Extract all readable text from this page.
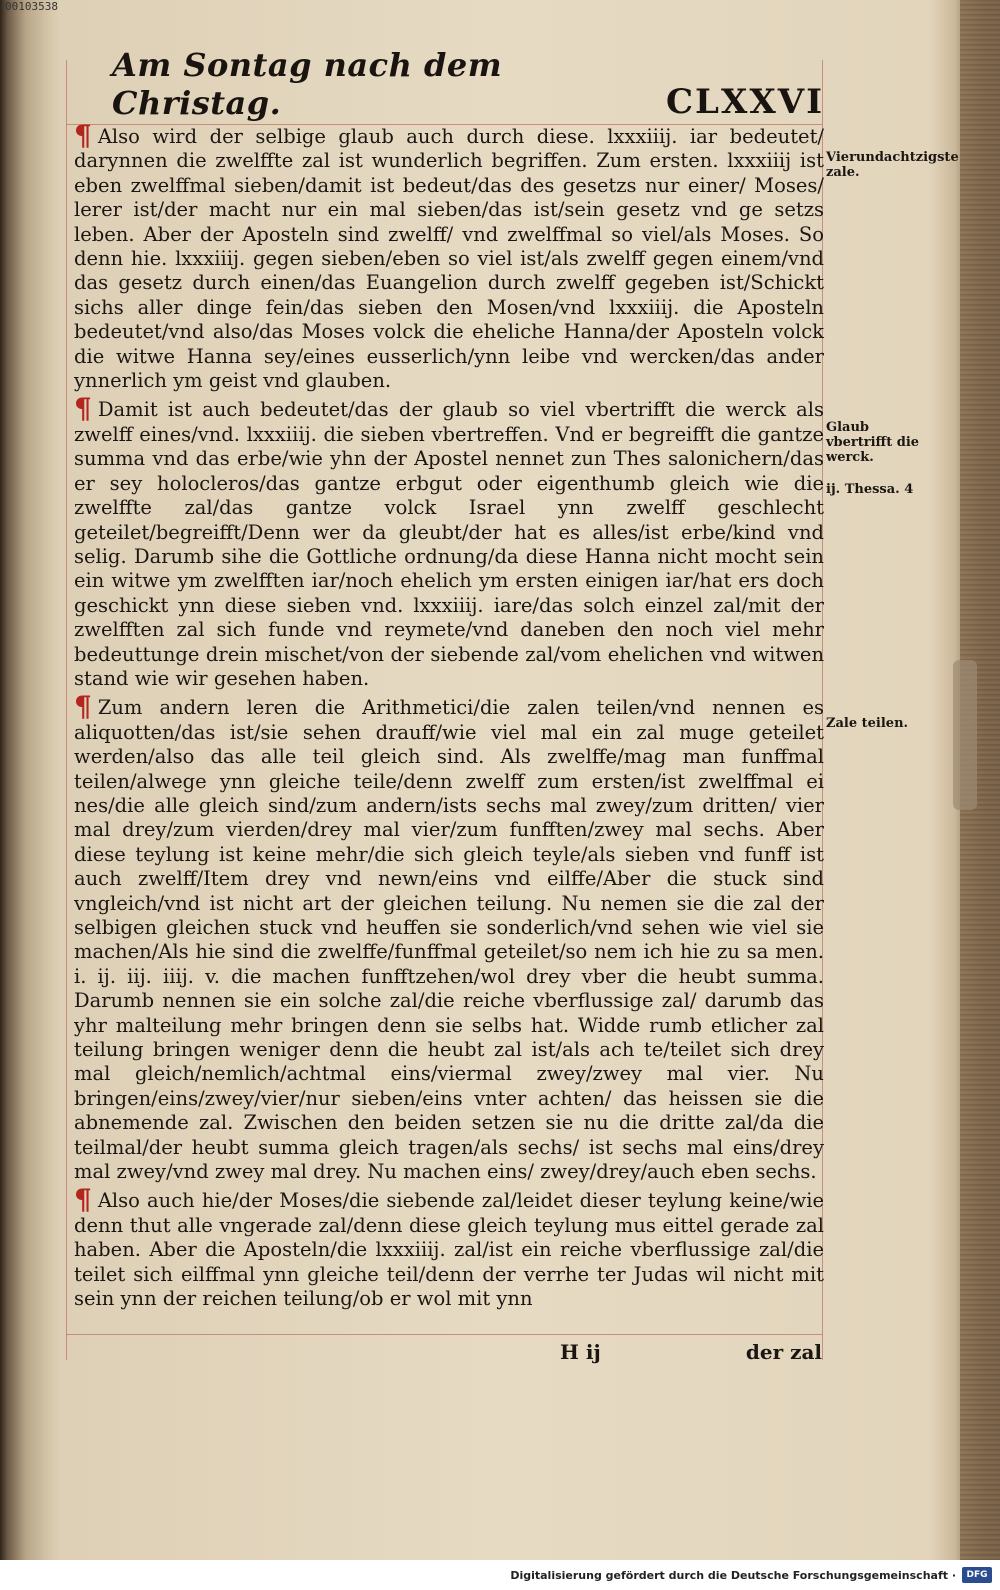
00103538
Am Sontag nach dem Christag.	CLXXVI

¶ Also wird der selbige glaub auch durch diese. lxxxiiij. iar bedeutet/ darynnen die zwelffte zal ist wunderlich begriffen. Zum ersten. lxxxiiij ist eben zwelffmal sieben/damit ist bedeut/das des gesetzs nur einer/ Moses/ lerer ist/der macht nur ein mal sieben/das ist/sein gesetz vnd ge setzs leben. Aber der Aposteln sind zwelff/ vnd zwelffmal so viel/als Moses. So denn hie. lxxxiiij. gegen sieben/eben so viel ist/als zwelff gegen einem/vnd das gesetz durch einen/das Euangelion durch zwelff gegeben ist/Schickt sichs aller dinge fein/das sieben den Mosen/vnd lxxxiiij. die Aposteln bedeutet/vnd also/das Moses volck die eheliche Hanna/der Aposteln volck die witwe Hanna sey/eines eusserlich/ynn leibe vnd wercken/das ander ynnerlich ym geist vnd glauben.

¶ Damit ist auch bedeutet/das der glaub so viel vbertrifft die werck als zwelff eines/vnd. lxxxiiij. die sieben vbertreffen. Vnd er begreifft die gantze summa vnd das erbe/wie yhn der Apostel nennet zun Thes salonichern/das er sey holocleros/das gantze erbgut oder eigenthumb gleich wie die zwelffte zal/das gantze volck Israel ynn zwelff geschlecht geteilet/begreifft/Denn wer da gleubt/der hat es alles/ist erbe/kind vnd selig. Darumb sihe die Gottliche ordnung/da diese Hanna nicht mocht sein ein witwe ym zwelfften iar/noch ehelich ym ersten einigen iar/hat ers doch geschickt ynn diese sieben vnd. lxxxiiij. iare/das solch einzel zal/mit der zwelfften zal sich funde vnd reymete/vnd daneben den noch viel mehr bedeuttunge drein mischet/von der siebende zal/vom ehelichen vnd witwen stand wie wir gesehen haben.

¶ Zum andern leren die Arithmetici/die zalen teilen/vnd nennen es aliquotten/das ist/sie sehen drauff/wie viel mal ein zal muge geteilet werden/also das alle teil gleich sind. Als zwelffe/mag man funffmal teilen/alwege ynn gleiche teile/denn zwelff zum ersten/ist zwelffmal ei nes/die alle gleich sind/zum andern/ists sechs mal zwey/zum dritten/ vier mal drey/zum vierden/drey mal vier/zum funfften/zwey mal sechs. Aber diese teylung ist keine mehr/die sich gleich teyle/als sieben vnd funff ist auch zwelff/Item drey vnd newn/eins vnd eilffe/Aber die stuck sind vngleich/vnd ist nicht art der gleichen teilung. Nu nemen sie die zal der selbigen gleichen stuck vnd heuffen sie sonderlich/vnd sehen wie viel sie machen/Als hie sind die zwelffe/funffmal geteilet/so nem ich hie zu sa men. i. ij. iij. iiij. v. die machen funfftzehen/wol drey vber die heubt summa. Darumb nennen sie ein solche zal/die reiche vberflussige zal/ darumb das yhr malteilung mehr bringen denn sie selbs hat. Widde rumb etlicher zal teilung bringen weniger denn die heubt zal ist/als ach te/teilet sich drey mal gleich/nemlich/achtmal eins/viermal zwey/zwey mal vier. Nu bringen/eins/zwey/vier/nur sieben/eins vnter achten/ das heissen sie die abnemende zal. Zwischen den beiden setzen sie nu die dritte zal/da die teilmal/der heubt summa gleich tragen/als sechs/ ist sechs mal eins/drey mal zwey/vnd zwey mal drey. Nu machen eins/ zwey/drey/auch eben sechs.

¶ Also auch hie/der Moses/die siebende zal/leidet dieser teylung keine/wie denn thut alle vngerade zal/denn diese gleich teylung mus eittel gerade zal haben. Aber die Aposteln/die lxxxiiij. zal/ist ein reiche vberflussige zal/die teilet sich eilffmal ynn gleiche teil/denn der verrhe ter Judas wil nicht mit sein ynn der reichen teilung/ob er wol mit ynn

Vierundachtzigste zale.
Glaub vbertrifft die werck.
ij. Thessa. 4
Zale teilen.
H ij	der zal
Digitalisierung gefördert durch die Deutsche Forschungsgemeinschaft ·	DFG
